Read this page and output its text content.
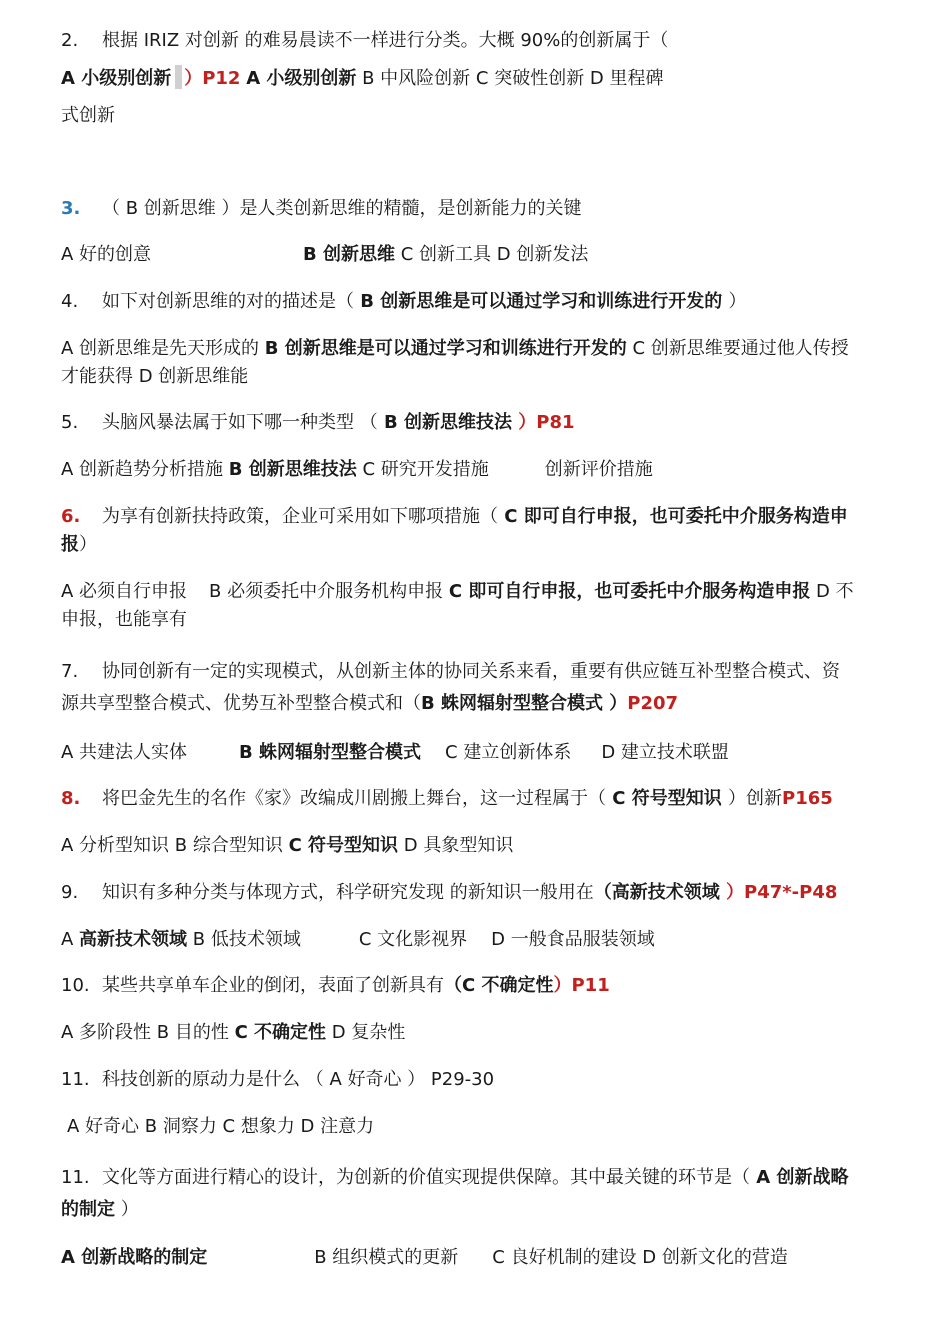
2. 根据 IRIZ 对创新 的难易晨读不一样进行分类。大概 90%的创新属于（
A 小级别创新 ）P12 A 小级别创新 B 中风险创新 C 突破性创新 D 里程碑
式创新
3. （ B 创新思维 ）是人类创新思维的精髓，是创新能力的关键
A 好的创意	B 创新思维 C 创新工具 D 创新发法
4. 如下对创新思维的对的描述是（ B 创新思维是可以通过学习和训练进行开发的 ）
A 创新思维是先天形成的 B 创新思维是可以通过学习和训练进行开发的 C 创新思维要通过他人传授
才能获得 D 创新思维能
5. 头脑风暴法属于如下哪一种类型 （ B 创新思维技法 ）P81
A 创新趋势分析措施 B 创新思维技法 C 研究开发措施	创新评价措施
6. 为享有创新扶持政策，企业可采用如下哪项措施（ C 即可自行申报，也可委托中介服务构造申
报）
A 必须自行申报 B 必须委托中介服务机构申报 C 即可自行申报，也可委托中介服务构造申报 D 不
申报，也能享有
7. 协同创新有一定的实现模式，从创新主体的协同关系来看，重要有供应链互补型整合模式、资
源共享型整合模式、优势互补型整合模式和（B 蛛网辐射型整合模式 ）P207
A 共建法人实体	B 蛛网辐射型整合模式 C 建立创新体系 D 建立技术联盟
8. 将巴金先生的名作《家》改编成川剧搬上舞台，这一过程属于（ C 符号型知识 ）创新P165
A 分析型知识 B 综合型知识 C 符号型知识 D 具象型知识
9. 知识有多种分类与体现方式，科学研究发现 的新知识一般用在（高新技术领域 ）P47*-P48
A 高新技术领域 B 低技术领域	C 文化影视界 D 一般食品服装领域
10. 某些共享单车企业的倒闭，表面了创新具有（C 不确定性）P11
A 多阶段性 B 目的性 C 不确定性 D 复杂性
11. 科技创新的原动力是什么 （ A 好奇心 ） P29-30
A 好奇心 B 洞察力 C 想象力 D 注意力
11. 文化等方面进行精心的设计，为创新的价值实现提供保障。其中最关键的环节是（ A 创新战略
的制定 ）
A 创新战略的制定	B 组织模式的更新 C 良好机制的建设 D 创新文化的营造
